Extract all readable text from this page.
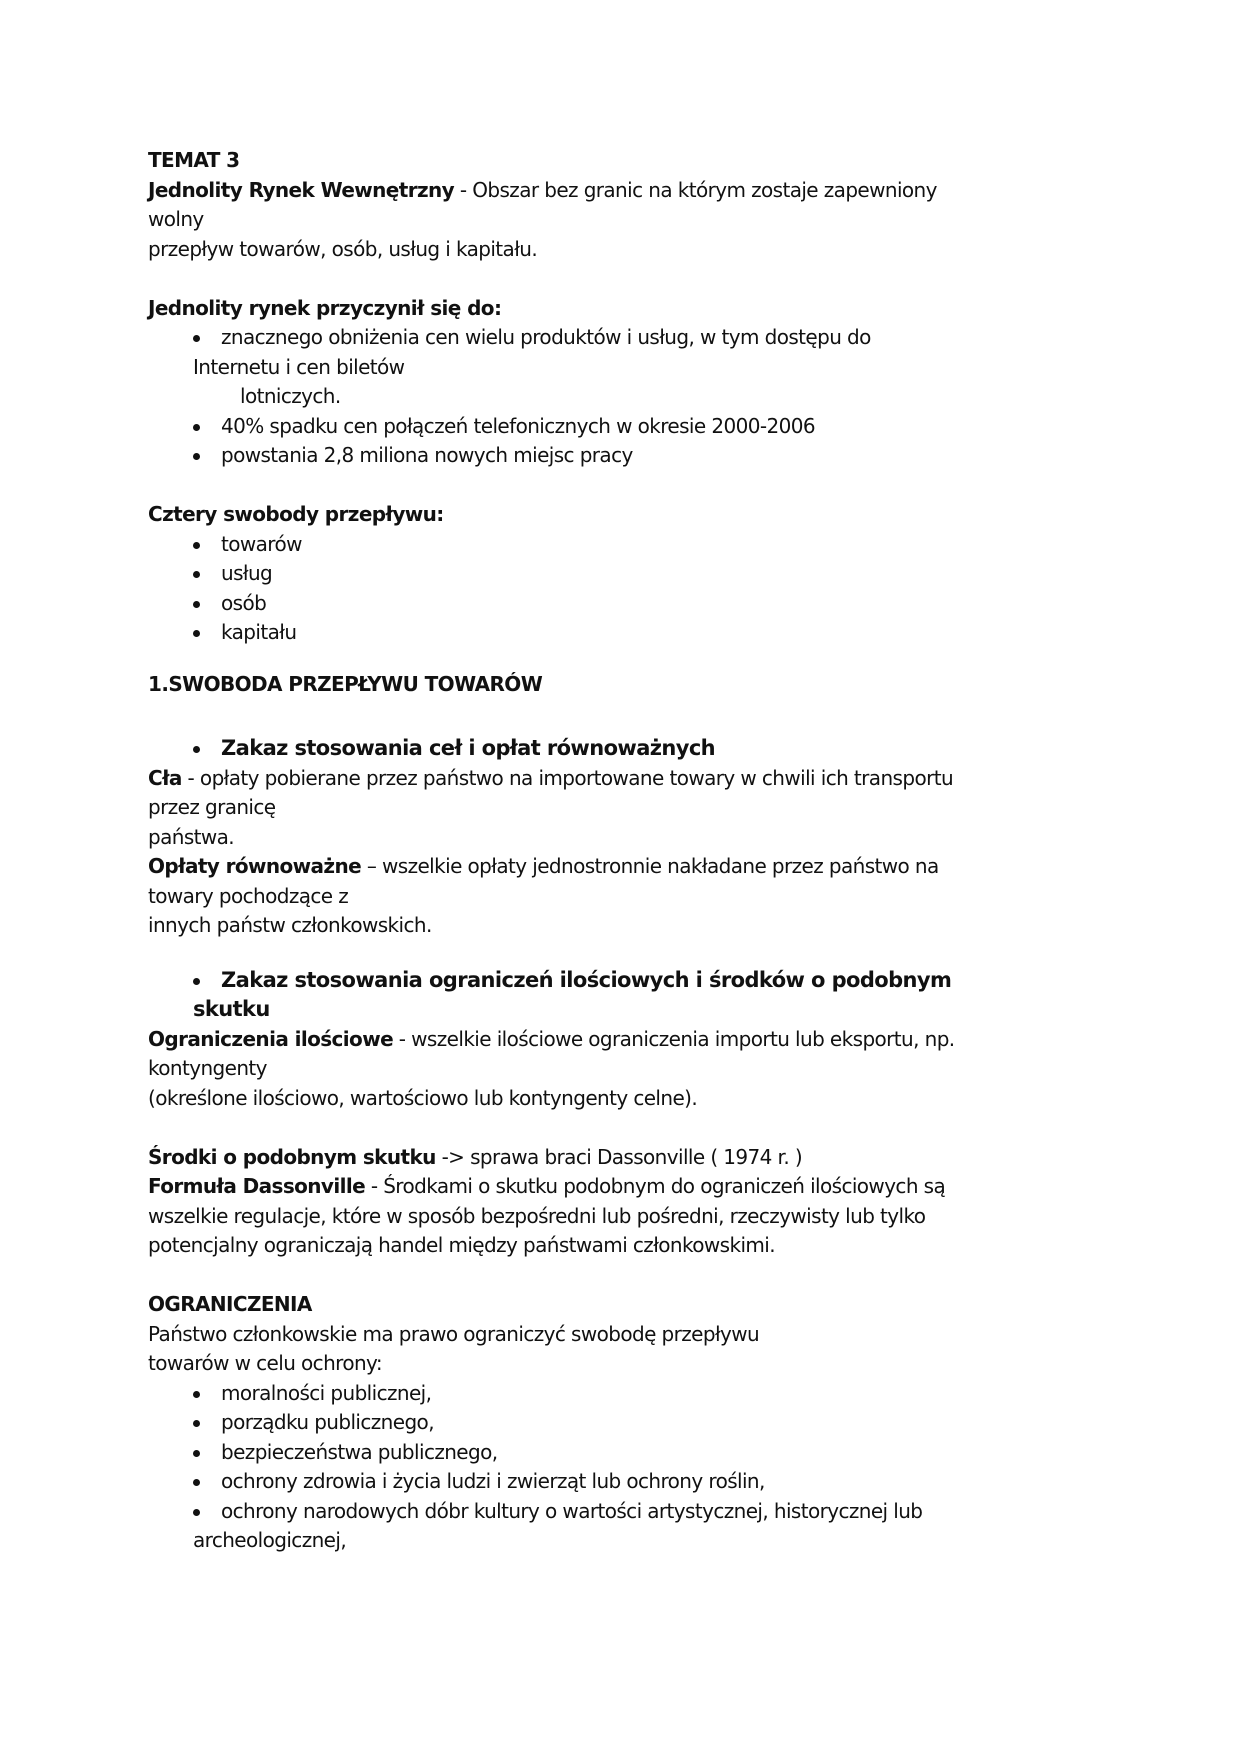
TEMAT 3
Jednolity Rynek Wewnętrzny - Obszar bez granic na którym zostaje zapewniony
wolny
przepływ towarów, osób, usług i kapitału.
Jednolity rynek przyczynił się do:
znacznego obniżenia cen wielu produktów i usług, w tym dostępu do
Internetu i cen biletów
lotniczych.
40% spadku cen połączeń telefonicznych w okresie 2000-2006
powstania 2,8 miliona nowych miejsc pracy
Cztery swobody przepływu:
towarów
usług
osób
kapitału
1.SWOBODA PRZEPŁYWU TOWARÓW
Zakaz stosowania ceł i opłat równoważnych
Cła - opłaty pobierane przez państwo na importowane towary w chwili ich transportu
przez granicę
państwa.
Opłaty równoważne – wszelkie opłaty jednostronnie nakładane przez państwo na
towary pochodzące z
innych państw członkowskich.
Zakaz stosowania ograniczeń ilościowych i środków o podobnym
skutku
Ograniczenia ilościowe - wszelkie ilościowe ograniczenia importu lub eksportu, np.
kontyngenty
(określone ilościowo, wartościowo lub kontyngenty celne).
Środki o podobnym skutku -> sprawa braci Dassonville ( 1974 r. )
Formuła Dassonville - Środkami o skutku podobnym do ograniczeń ilościowych są
wszelkie regulacje, które w sposób bezpośredni lub pośredni, rzeczywisty lub tylko
potencjalny ograniczają handel między państwami członkowskimi.
OGRANICZENIA
Państwo członkowskie ma prawo ograniczyć swobodę przepływu
towarów w celu ochrony:
moralności publicznej,
porządku publicznego,
bezpieczeństwa publicznego,
ochrony zdrowia i życia ludzi i zwierząt lub ochrony roślin,
ochrony narodowych dóbr kultury o wartości artystycznej, historycznej lub
archeologicznej,
